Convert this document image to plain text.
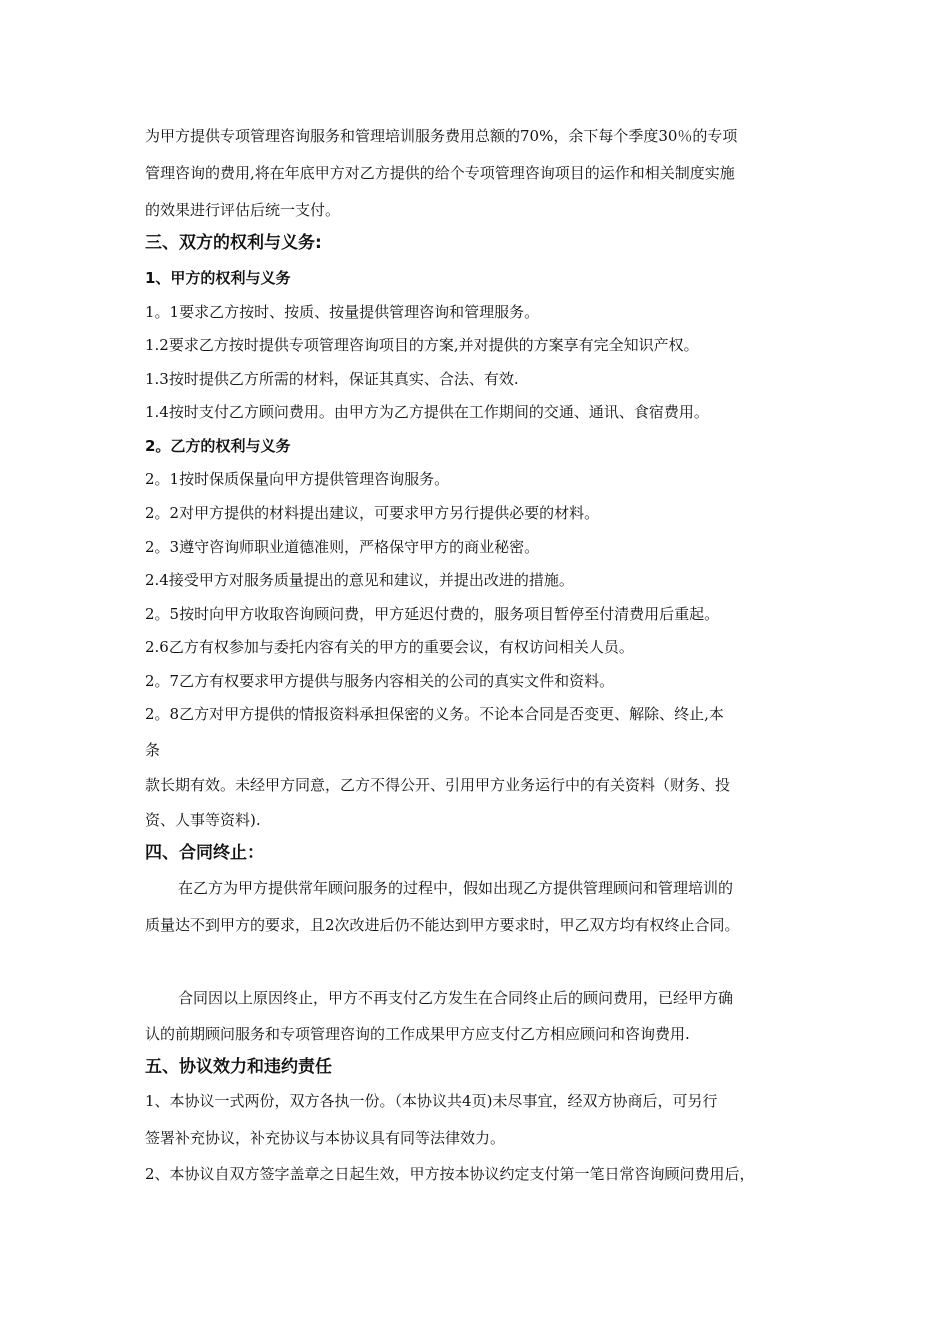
为甲方提供专项管理咨询服务和管理培训服务费用总额的70%，余下每个季度30％的专项
管理咨询的费用,将在年底甲方对乙方提供的给个专项管理咨询项目的运作和相关制度实施
的效果进行评估后统一支付。
三、双方的权利与义务:
1、甲方的权利与义务
1。1要求乙方按时、按质、按量提供管理咨询和管理服务。
1.2要求乙方按时提供专项管理咨询项目的方案,并对提供的方案享有完全知识产权。
1.3按时提供乙方所需的材料，保证其真实、合法、有效.
1.4按时支付乙方顾问费用。由甲方为乙方提供在工作期间的交通、通讯、食宿费用。
2。乙方的权利与义务
2。1按时保质保量向甲方提供管理咨询服务。
2。2对甲方提供的材料提出建议，可要求甲方另行提供必要的材料。
2。3遵守咨询师职业道德准则，严格保守甲方的商业秘密。
2.4接受甲方对服务质量提出的意见和建议，并提出改进的措施。
2。5按时向甲方收取咨询顾问费，甲方延迟付费的，服务项目暂停至付清费用后重起。
2.6乙方有权参加与委托内容有关的甲方的重要会议，有权访问相关人员。
2。7乙方有权要求甲方提供与服务内容相关的公司的真实文件和资料。
2。8乙方对甲方提供的情报资料承担保密的义务。不论本合同是否变更、解除、终止,本
条
款长期有效。未经甲方同意，乙方不得公开、引用甲方业务运行中的有关资料（财务、投
资、人事等资料).
四、合同终止：
在乙方为甲方提供常年顾问服务的过程中，假如出现乙方提供管理顾问和管理培训的
质量达不到甲方的要求，且2次改进后仍不能达到甲方要求时，甲乙双方均有权终止合同。
合同因以上原因终止，甲方不再支付乙方发生在合同终止后的顾问费用，已经甲方确
认的前期顾问服务和专项管理咨询的工作成果甲方应支付乙方相应顾问和咨询费用.
五、协议效力和违约责任
1、本协议一式两份，双方各执一份。（本协议共4页)未尽事宜，经双方协商后，可另行
签署补充协议，补充协议与本协议具有同等法律效力。
2、本协议自双方签字盖章之日起生效，甲方按本协议约定支付第一笔日常咨询顾问费用后，
